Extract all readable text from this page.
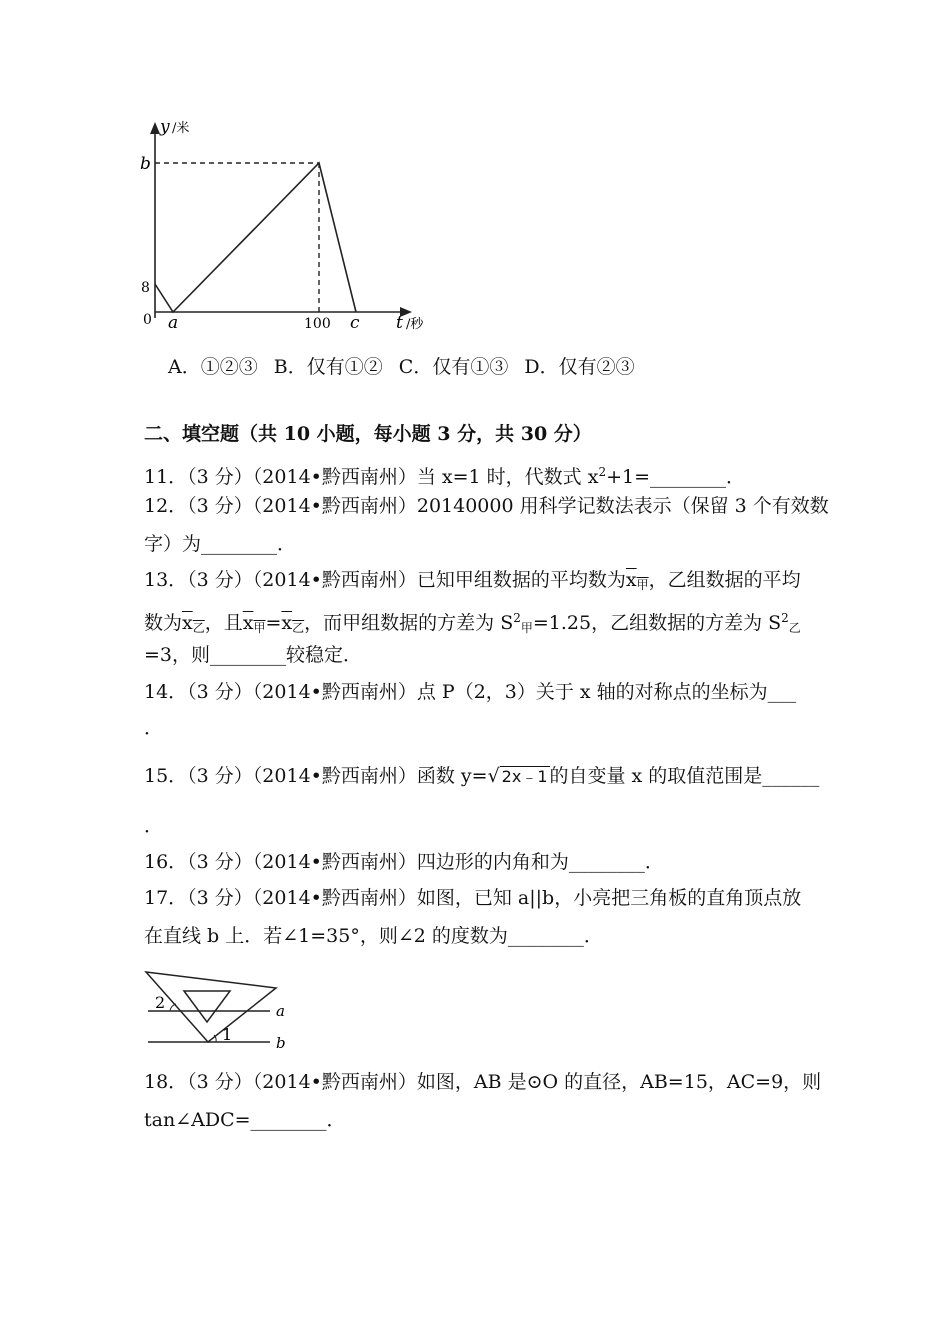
y /米
b
8
0 a	100 c t /秒
A．①②③ B．仅有①② C．仅有①③ D．仅有②③
二、填空题（共 10 小题，每小题 3 分，共 30 分）
11．（3 分）（2014•黔西南州）当 x=1 时，代数式 $x^2+1=\_\_\_\_\_\_\_\_$．
12．（3 分）（2014•黔西南州）20140000 用科学记数法表示（保留 3 个有效数
字）为________．
13．（3 分）（2014•黔西南州）已知甲组数据的平均数为$x_甲$，乙组数据的平均
数为$x_乙$，且$x_甲=x_乙$，而甲组数据的方差为 $S^2_甲=1.25$，乙组数据的方差为 $S^2_乙$
=3，则________较稳定．
14．（3 分）（2014•黔西南州）点 P（2，3）关于 x 轴的对称点的坐标为___
．
15．（3 分）（2014•黔西南州）函数 y=√ 2x﹣1 的自变量 x 的取值范围是______
．
16．（3 分）（2014•黔西南州）四边形的内角和为________．
17．（3 分）（2014•黔西南州）如图，已知 a||b，小亮把三角板的直角顶点放
在直线 b 上．若∠1=35°，则∠2 的度数为________．
2
1
a
b
18．（3 分）（2014•黔西南州）如图，AB 是⊙O 的直径，AB=15，AC=9，则
tan∠ADC=________．
